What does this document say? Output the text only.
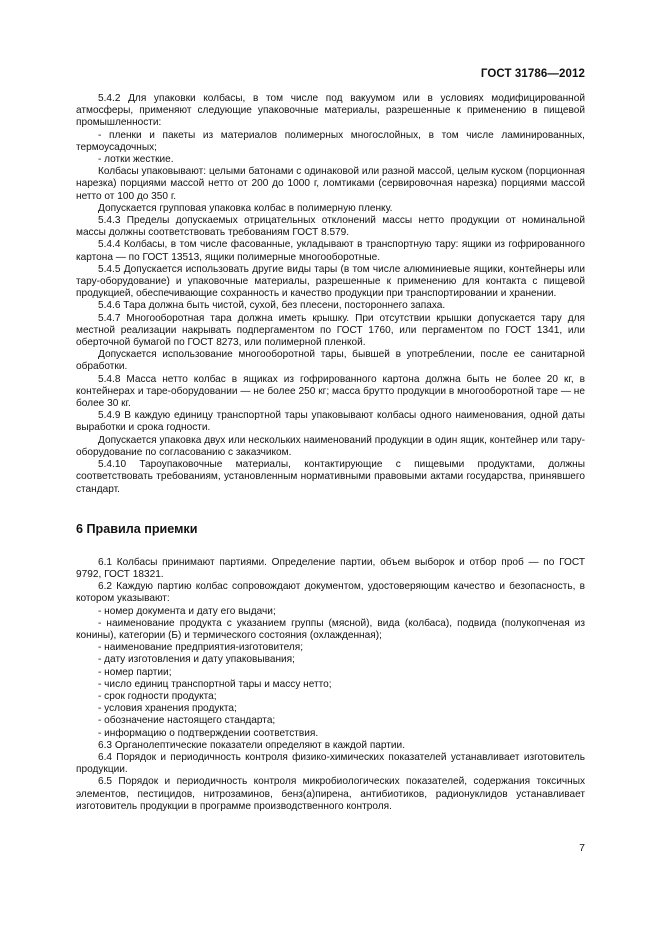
ГОСТ 31786—2012

5.4.2 Для упаковки колбасы, в том числе под вакуумом или в условиях модифицированной атмосферы, применяют следующие упаковочные материалы, разрешенные к применению в пищевой промышленности:

- пленки и пакеты из материалов полимерных многослойных, в том числе ламинированных, термоусадочных;

- лотки жесткие.

Колбасы упаковывают: целыми батонами с одинаковой или разной массой, целым куском (порционная нарезка) порциями массой нетто от 200 до 1000 г, ломтиками (сервировочная нарезка) порциями массой нетто от 100 до 350 г.

Допускается групповая упаковка колбас в полимерную пленку.

5.4.3 Пределы допускаемых отрицательных отклонений массы нетто продукции от номинальной массы должны соответствовать требованиям ГОСТ 8.579.

5.4.4 Колбасы, в том числе фасованные, укладывают в транспортную тару: ящики из гофрированного картона — по ГОСТ 13513, ящики полимерные многооборотные.

5.4.5 Допускается использовать другие виды тары (в том числе алюминиевые ящики, контейнеры или тару-оборудование) и упаковочные материалы, разрешенные к применению для контакта с пищевой продукцией, обеспечивающие сохранность и качество продукции при транспортировании и хранении.

5.4.6 Тара должна быть чистой, сухой, без плесени, постороннего запаха.

5.4.7 Многооборотная тара должна иметь крышку. При отсутствии крышки допускается тару для местной реализации накрывать подпергаментом по ГОСТ 1760, или пергаментом по ГОСТ 1341, или оберточной бумагой по ГОСТ 8273, или полимерной пленкой.

Допускается использование многооборотной тары, бывшей в употреблении, после ее санитарной обработки.

5.4.8 Масса нетто колбас в ящиках из гофрированного картона должна быть не более 20 кг, в контейнерах и таре-оборудовании — не более 250 кг; масса брутто продукции в многооборотной таре — не более 30 кг.

5.4.9 В каждую единицу транспортной тары упаковывают колбасы одного наименования, одной даты выработки и срока годности.

Допускается упаковка двух или нескольких наименований продукции в один ящик, контейнер или тару-оборудование по согласованию с заказчиком.

5.4.10 Тароупаковочные материалы, контактирующие с пищевыми продуктами, должны соответствовать требованиям, установленным нормативными правовыми актами государства, принявшего стандарт.

6 Правила приемки

6.1 Колбасы принимают партиями. Определение партии, объем выборок и отбор проб — по ГОСТ 9792, ГОСТ 18321.

6.2 Каждую партию колбас сопровождают документом, удостоверяющим качество и безопасность, в котором указывают:

- номер документа и дату его выдачи;

- наименование продукта с указанием группы (мясной), вида (колбаса), подвида (полукопченая из конины), категории (Б) и термического состояния (охлажденная);

- наименование предприятия-изготовителя;

- дату изготовления и дату упаковывания;

- номер партии;

- число единиц транспортной тары и массу нетто;

- срок годности продукта;

- условия хранения продукта;

- обозначение настоящего стандарта;

- информацию о подтверждении соответствия.

6.3 Органолептические показатели определяют в каждой партии.

6.4 Порядок и периодичность контроля физико-химических показателей устанавливает изготовитель продукции.

6.5 Порядок и периодичность контроля микробиологических показателей, содержания токсичных элементов, пестицидов, нитрозаминов, бенз(а)пирена, антибиотиков, радионуклидов устанавливает изготовитель продукции в программе производственного контроля.

7
